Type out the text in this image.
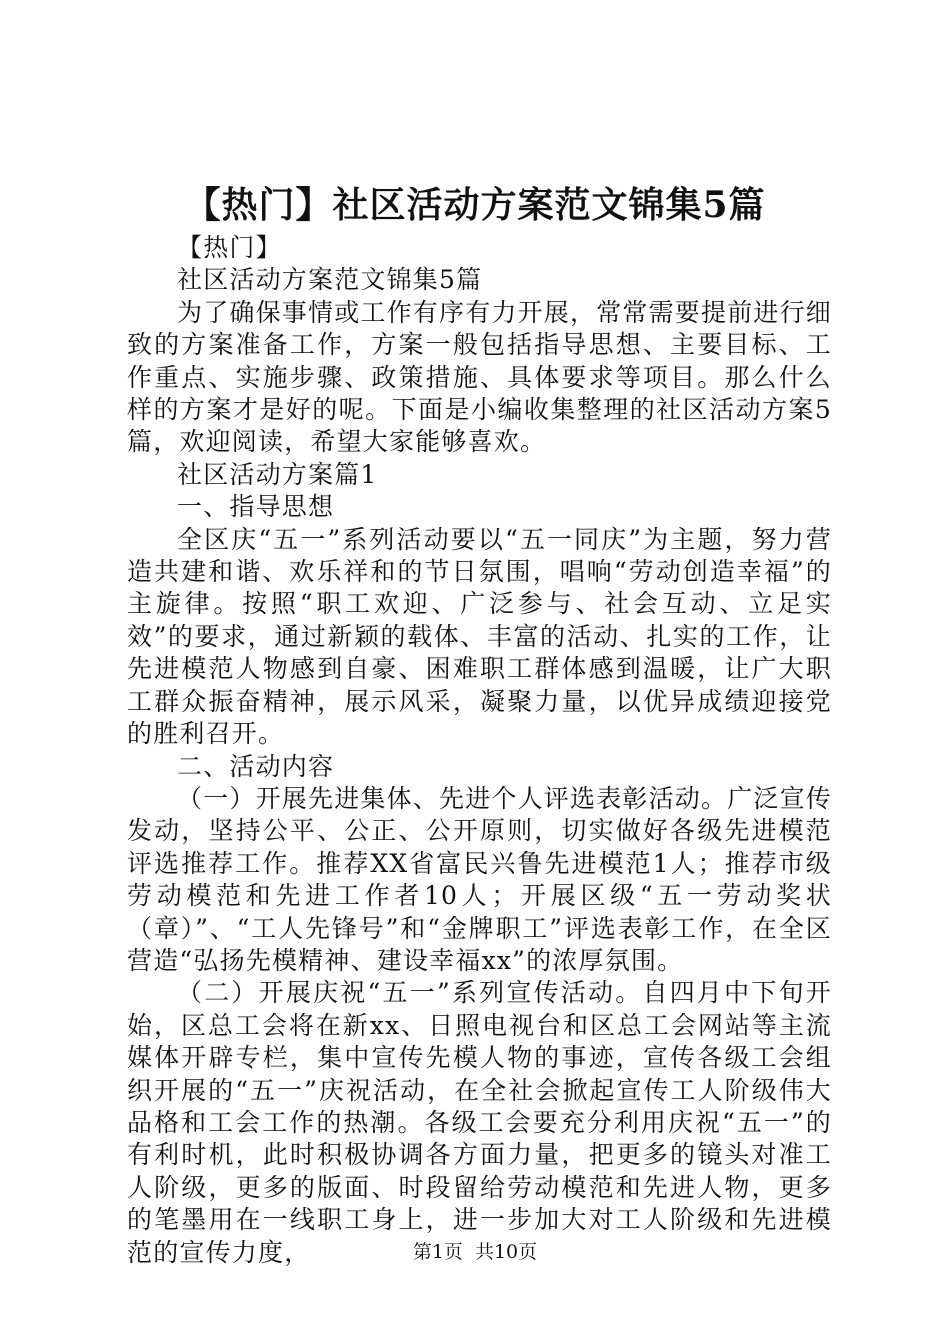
【热门】社区活动方案范文锦集5篇

【热门】

社区活动方案范文锦集5篇

为了确保事情或工作有序有力开展，常常需要提前进行细致的方案准备工作，方案一般包括指导思想、主要目标、工作重点、实施步骤、政策措施、具体要求等项目。那么什么样的方案才是好的呢。下面是小编收集整理的社区活动方案5篇，欢迎阅读，希望大家能够喜欢。

社区活动方案篇1

一、指导思想

全区庆“五一”系列活动要以“五一同庆”为主题，努力营造共建和谐、欢乐祥和的节日氛围，唱响“劳动创造幸福”的主旋律。按照“职工欢迎、广泛参与、社会互动、立足实效”的要求，通过新颖的载体、丰富的活动、扎实的工作，让先进模范人物感到自豪、困难职工群体感到温暖，让广大职工群众振奋精神，展示风采，凝聚力量，以优异成绩迎接党的胜利召开。

二、活动内容

（一）开展先进集体、先进个人评选表彰活动。广泛宣传发动，坚持公平、公正、公开原则，切实做好各级先进模范评选推荐工作。推荐XX省富民兴鲁先进模范1人；推荐市级劳动模范和先进工作者10人；开展区级“五一劳动奖状（章）”、“工人先锋号”和“金牌职工”评选表彰工作，在全区营造“弘扬先模精神、建设幸福xx”的浓厚氛围。

（二）开展庆祝“五一”系列宣传活动。自四月中下旬开始，区总工会将在新xx、日照电视台和区总工会网站等主流媒体开辟专栏，集中宣传先模人物的事迹，宣传各级工会组织开展的“五一”庆祝活动，在全社会掀起宣传工人阶级伟大品格和工会工作的热潮。各级工会要充分利用庆祝“五一”的有利时机，此时积极协调各方面力量，把更多的镜头对准工人阶级，更多的版面、时段留给劳动模范和先进人物，更多的笔墨用在一线职工身上，进一步加大对工人阶级和先进模范的宣传力度，	第1页 共10页
